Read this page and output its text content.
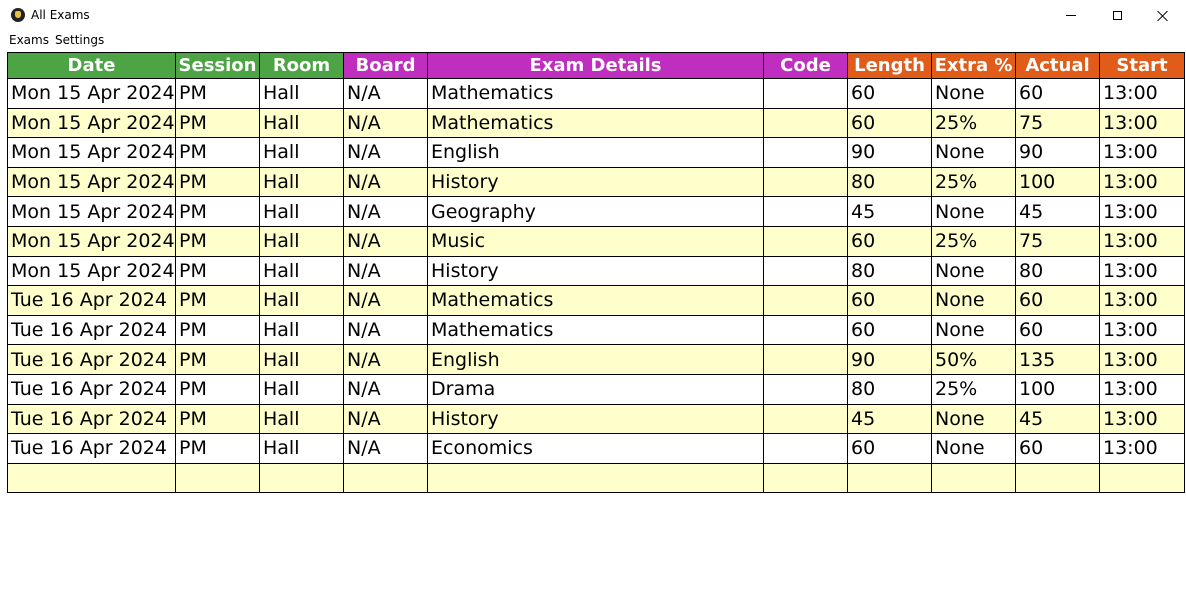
All Exams
Exams Settings
Date	Session	Room	Board	Exam Details	Code	Length	Extra %	Actual	Start
Mon 15 Apr 2024	PM	Hall	N/A	Mathematics		60	None	60	13:00
Mon 15 Apr 2024	PM	Hall	N/A	Mathematics		60	25%	75	13:00
Mon 15 Apr 2024	PM	Hall	N/A	English		90	None	90	13:00
Mon 15 Apr 2024	PM	Hall	N/A	History		80	25%	100	13:00
Mon 15 Apr 2024	PM	Hall	N/A	Geography		45	None	45	13:00
Mon 15 Apr 2024	PM	Hall	N/A	Music		60	25%	75	13:00
Mon 15 Apr 2024	PM	Hall	N/A	History		80	None	80	13:00
Tue 16 Apr 2024	PM	Hall	N/A	Mathematics		60	None	60	13:00
Tue 16 Apr 2024	PM	Hall	N/A	Mathematics		60	None	60	13:00
Tue 16 Apr 2024	PM	Hall	N/A	English		90	50%	135	13:00
Tue 16 Apr 2024	PM	Hall	N/A	Drama		80	25%	100	13:00
Tue 16 Apr 2024	PM	Hall	N/A	History		45	None	45	13:00
Tue 16 Apr 2024	PM	Hall	N/A	Economics		60	None	60	13:00
